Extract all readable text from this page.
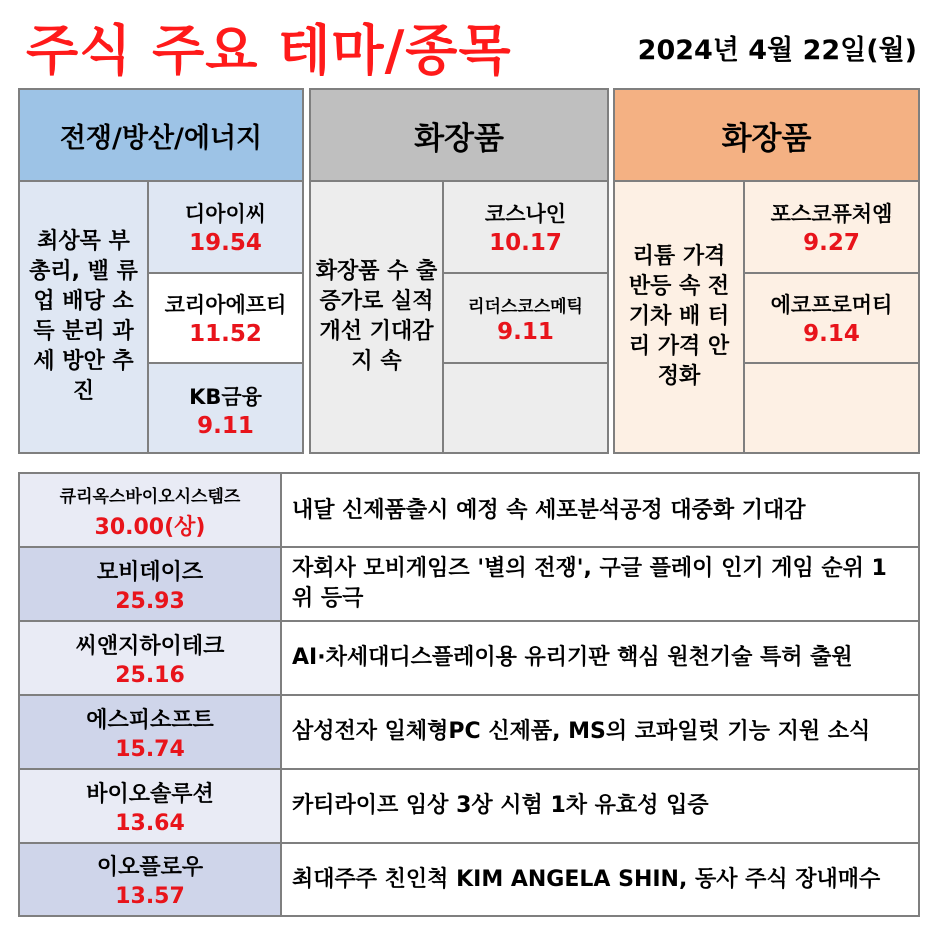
주식 주요 테마/종목	2024년 4월 22일(월)
전쟁/방산/에너지
최상목 부 총리, 밸 류업 배당 소득 분리 과세 방안 추진
디아이씨
19.54
코리아에프티
11.52
KB금융
9.11
화장품
화장품 수 출 증가로 실적 개선 기대감 지 속
코스나인
10.17
리더스코스메틱
9.11
화장품
리튬 가격 반등 속 전기차 배 터리 가격 안정화
포스코퓨처엠
9.27
에코프로머티
9.14
큐리옥스바이오시스템즈
30.00(상)
내달 신제품출시 예정 속 세포분석공정 대중화 기대감
모비데이즈
25.93
자회사 모비게임즈 '별의 전쟁', 구글 플레이 인기 게임 순위 1위 등극
씨앤지하이테크
25.16
AI·차세대디스플레이용 유리기판 핵심 원천기술 특허 출원
에스피소프트
15.74
삼성전자 일체형PC 신제품, MS의 코파일럿 기능 지원 소식
바이오솔루션
13.64
카티라이프 임상 3상 시험 1차 유효성 입증
이오플로우
13.57
최대주주 친인척 KIM ANGELA SHIN, 동사 주식 장내매수
